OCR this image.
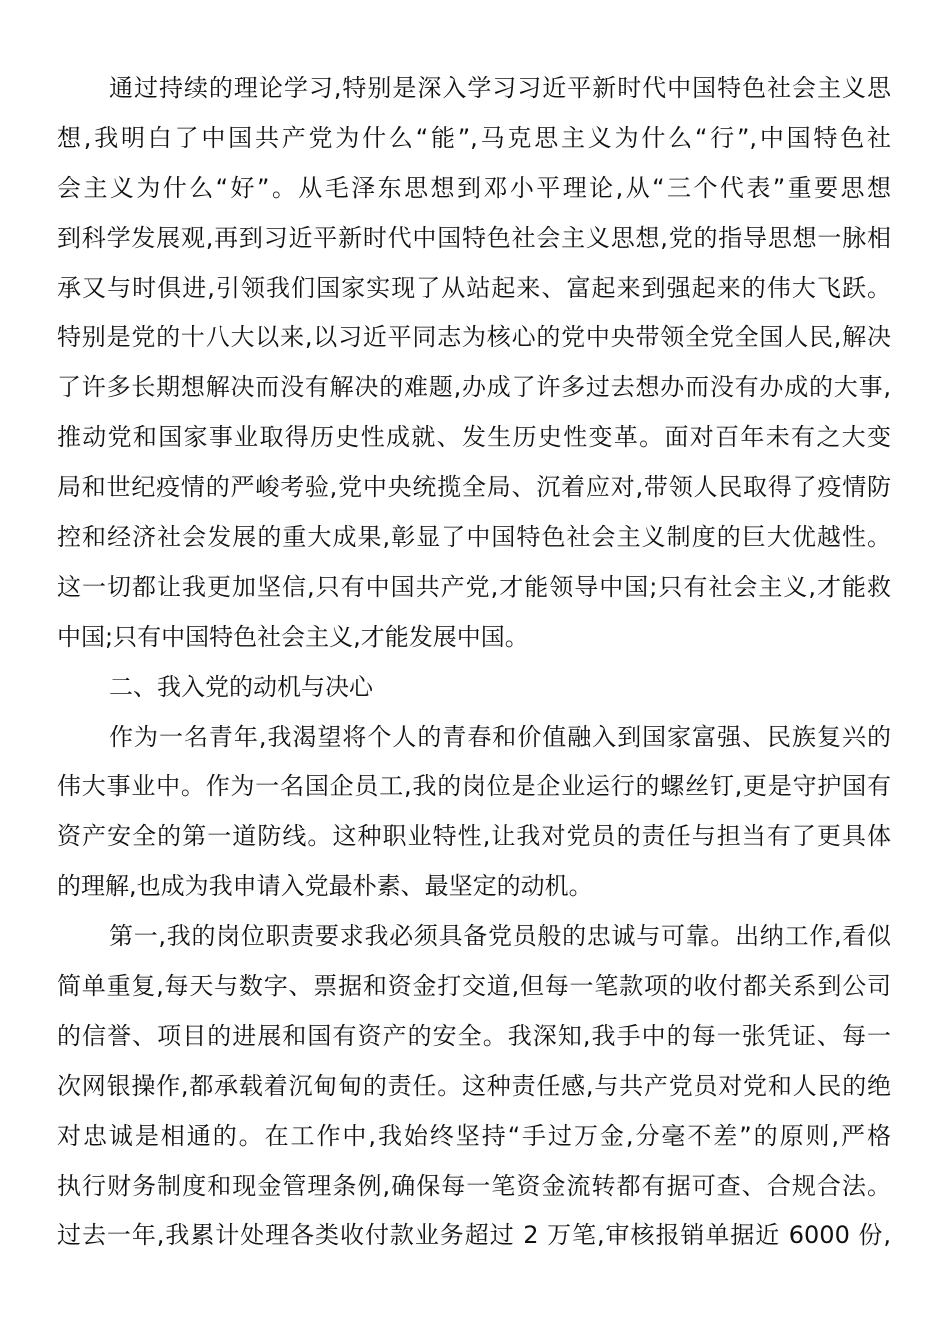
通过持续的理论学习,特别是深入学习习近平新时代中国特色社会主义思
想,我明白了中国共产党为什么“能”,马克思主义为什么“行”,中国特色社
会主义为什么“好”。从毛泽东思想到邓小平理论,从“三个代表”重要思想
到科学发展观,再到习近平新时代中国特色社会主义思想,党的指导思想一脉相
承又与时俱进,引领我们国家实现了从站起来、富起来到强起来的伟大飞跃。
特别是党的十八大以来,以习近平同志为核心的党中央带领全党全国人民,解决
了许多长期想解决而没有解决的难题,办成了许多过去想办而没有办成的大事,
推动党和国家事业取得历史性成就、发生历史性变革。面对百年未有之大变
局和世纪疫情的严峻考验,党中央统揽全局、沉着应对,带领人民取得了疫情防
控和经济社会发展的重大成果,彰显了中国特色社会主义制度的巨大优越性。
这一切都让我更加坚信,只有中国共产党,才能领导中国;只有社会主义,才能救
中国;只有中国特色社会主义,才能发展中国。
二、我入党的动机与决心
作为一名青年,我渴望将个人的青春和价值融入到国家富强、民族复兴的
伟大事业中。作为一名国企员工,我的岗位是企业运行的螺丝钉,更是守护国有
资产安全的第一道防线。这种职业特性,让我对党员的责任与担当有了更具体
的理解,也成为我申请入党最朴素、最坚定的动机。
第一,我的岗位职责要求我必须具备党员般的忠诚与可靠。出纳工作,看似
简单重复,每天与数字、票据和资金打交道,但每一笔款项的收付都关系到公司
的信誉、项目的进展和国有资产的安全。我深知,我手中的每一张凭证、每一
次网银操作,都承载着沉甸甸的责任。这种责任感,与共产党员对党和人民的绝
对忠诚是相通的。在工作中,我始终坚持“手过万金,分毫不差”的原则,严格
执行财务制度和现金管理条例,确保每一笔资金流转都有据可查、合规合法。
过去一年,我累计处理各类收付款业务超过 2 万笔,审核报销单据近 6000 份,
